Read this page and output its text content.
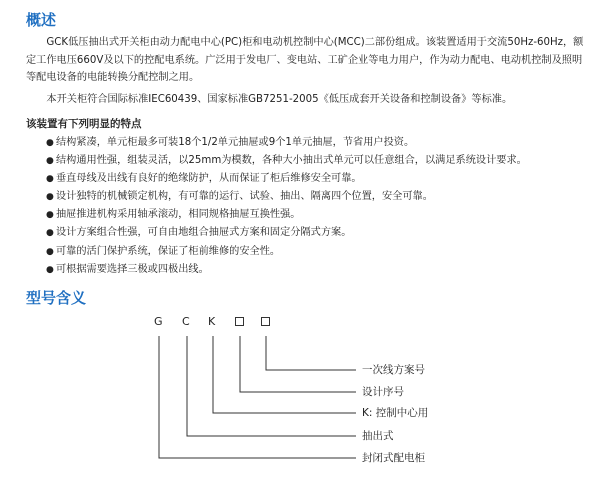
概述

GCK低压抽出式开关柜由动力配电中心(PC)柜和电动机控制中心(MCC)二部份组成。该装置适用于交流50Hz-60Hz，额

定工作电压660V及以下的控配电系统。广泛用于发电厂、变电站、工矿企业等电力用户，作为动力配电、电动机控制及照明

等配电设备的电能转换分配控制之用。

本开关柜符合国际标准IEC60439、国家标准GB7251-2005《低压成套开关设备和控制设备》等标准。

该装置有下列明显的特点

● 结构紧凑，单元柜最多可装18个1/2单元抽屉或9个1单元抽屉，节省用户投资。
● 结构通用性强，组装灵活，以25mm为模数，各种大小抽出式单元可以任意组合，以满足系统设计要求。
● 垂直母线及出线有良好的绝缘防护，从而保证了柜后维修安全可靠。
● 设计独特的机械锁定机构，有可靠的运行、试验、抽出、隔离四个位置，安全可靠。
● 抽屉推进机构采用轴承滚动，相同规格抽屉互换性强。
● 设计方案组合性强，可自由地组合抽屉式方案和固定分隔式方案。
● 可靠的活门保护系统，保证了柜前维修的安全性。
● 可根据需要选择三极或四极出线。
型号含义
G C K
一次线方案号
设计序号
K: 控制中心用
抽出式
封闭式配电柜
